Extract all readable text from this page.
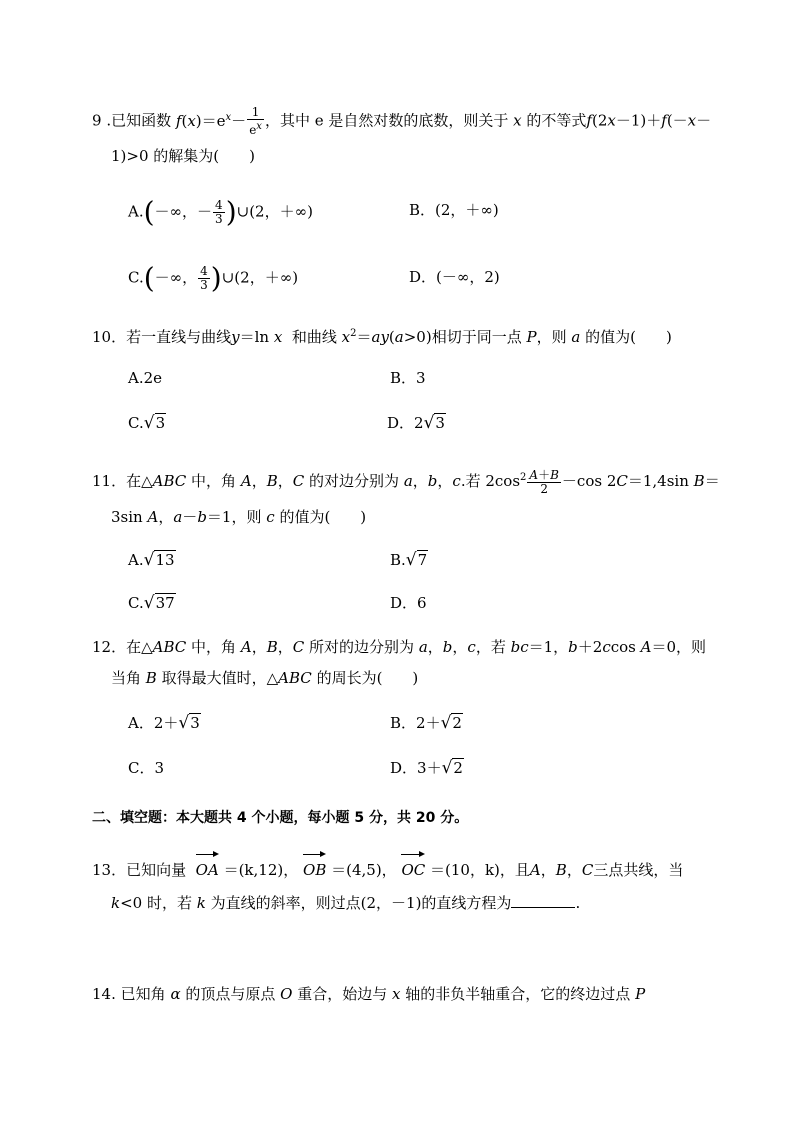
9 .已知函数 $f(x)=e^x- \frac{1}{e^x}$ ，其中 e 是自然对数的底数，则关于 x 的不等式f(2x－1)＋f(－x－
1)>0 的解集为(　　)
A.(－∞，－ $\frac{4}{3}$ )∪(2，＋∞)	B．(2，＋∞)
C.(－∞， $\frac{4}{3}$ )∪(2，＋∞)	D．(－∞，2)
10．若一直线与曲线y＝ln x 和曲线 $x^2=ay(a>0)$相切于同一点 P，则 a 的值为(　　)
A.2e	B．3
C.√3	D．2√3
11．在△ABC 中，角 A，B，C 的对边分别为 a，b，c.若 $2\cos^2 \frac{A+B}{2} -\cos$ 2C＝1,4sin B＝
3sin A，a－b＝1，则 c 的值为(　　)
A.√13	B.√7
C.√37	D．6
12．在△ABC 中，角 A，B，C 所对的边分别为 a，b，c，若 bc＝1，b＋2ccos A＝0，则
当角 B 取得最大值时，△ABC 的周长为(　　)
A．2＋√3	B．2＋√2
C．3	D．3＋√2
二、填空题：本大题共 4 个小题，每小题 5 分，共 20 分。
13．已知向量 OA ＝(k,12)， OB ＝(4,5)， OC ＝(10，k)，且A，B，C三点共线，当
k<0 时，若 k 为直线的斜率，则过点(2，－1)的直线方程为	.
14. 已知角 α 的顶点与原点 O 重合，始边与 x 轴的非负半轴重合，它的终边过点 P
